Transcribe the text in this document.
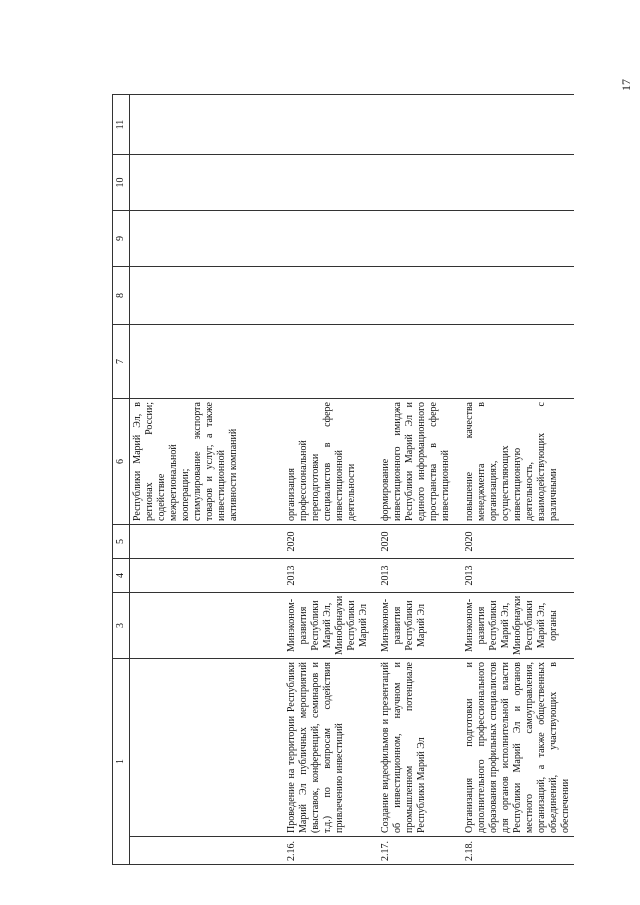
17
1		3	4	5	6	7	8	9	10	11
					Республики Марий Эл, в регионах России; содействие межрегиональной кооперации; стимулирование экспорта товаров и услуг, а также инвестиционной активности компаний					
2.16.	Проведение на территории Республики Марий Эл публичных мероприятий (выставок, конференций, семинаров и т.д.) по вопросам содействия привлечению инвестиций	Минэконом-развития Республики Марий Эл, Минобрнауки Республики Марий Эл	2013	2020	организация профессиональной переподготовки специалистов в сфере инвестиционной деятельности					
2.17.	Создание видеофильмов и презентаций об инвестиционном, научном и промышленном потенциале Республики Марий Эл	Минэконом-развития Республики Марий Эл	2013	2020	формирование инвестиционного имиджа Республики Марий Эл и единого информационного пространства в сфере инвестиционной					
2.18.	Организация подготовки и дополнительного профессионального образования профильных специалистов для органов исполнительной власти Республики Марий Эл и органов местного самоуправления, организаций, а также общественных объединений, участвующих в обеспечении	Минэконом-развития Республики Марий Эл, Минобрнауки Республики Марий Эл, органы	2013	2020	повышение качества менеджмента в организациях, осуществляющих инвестиционную деятельность, взаимодействующих с различными					
